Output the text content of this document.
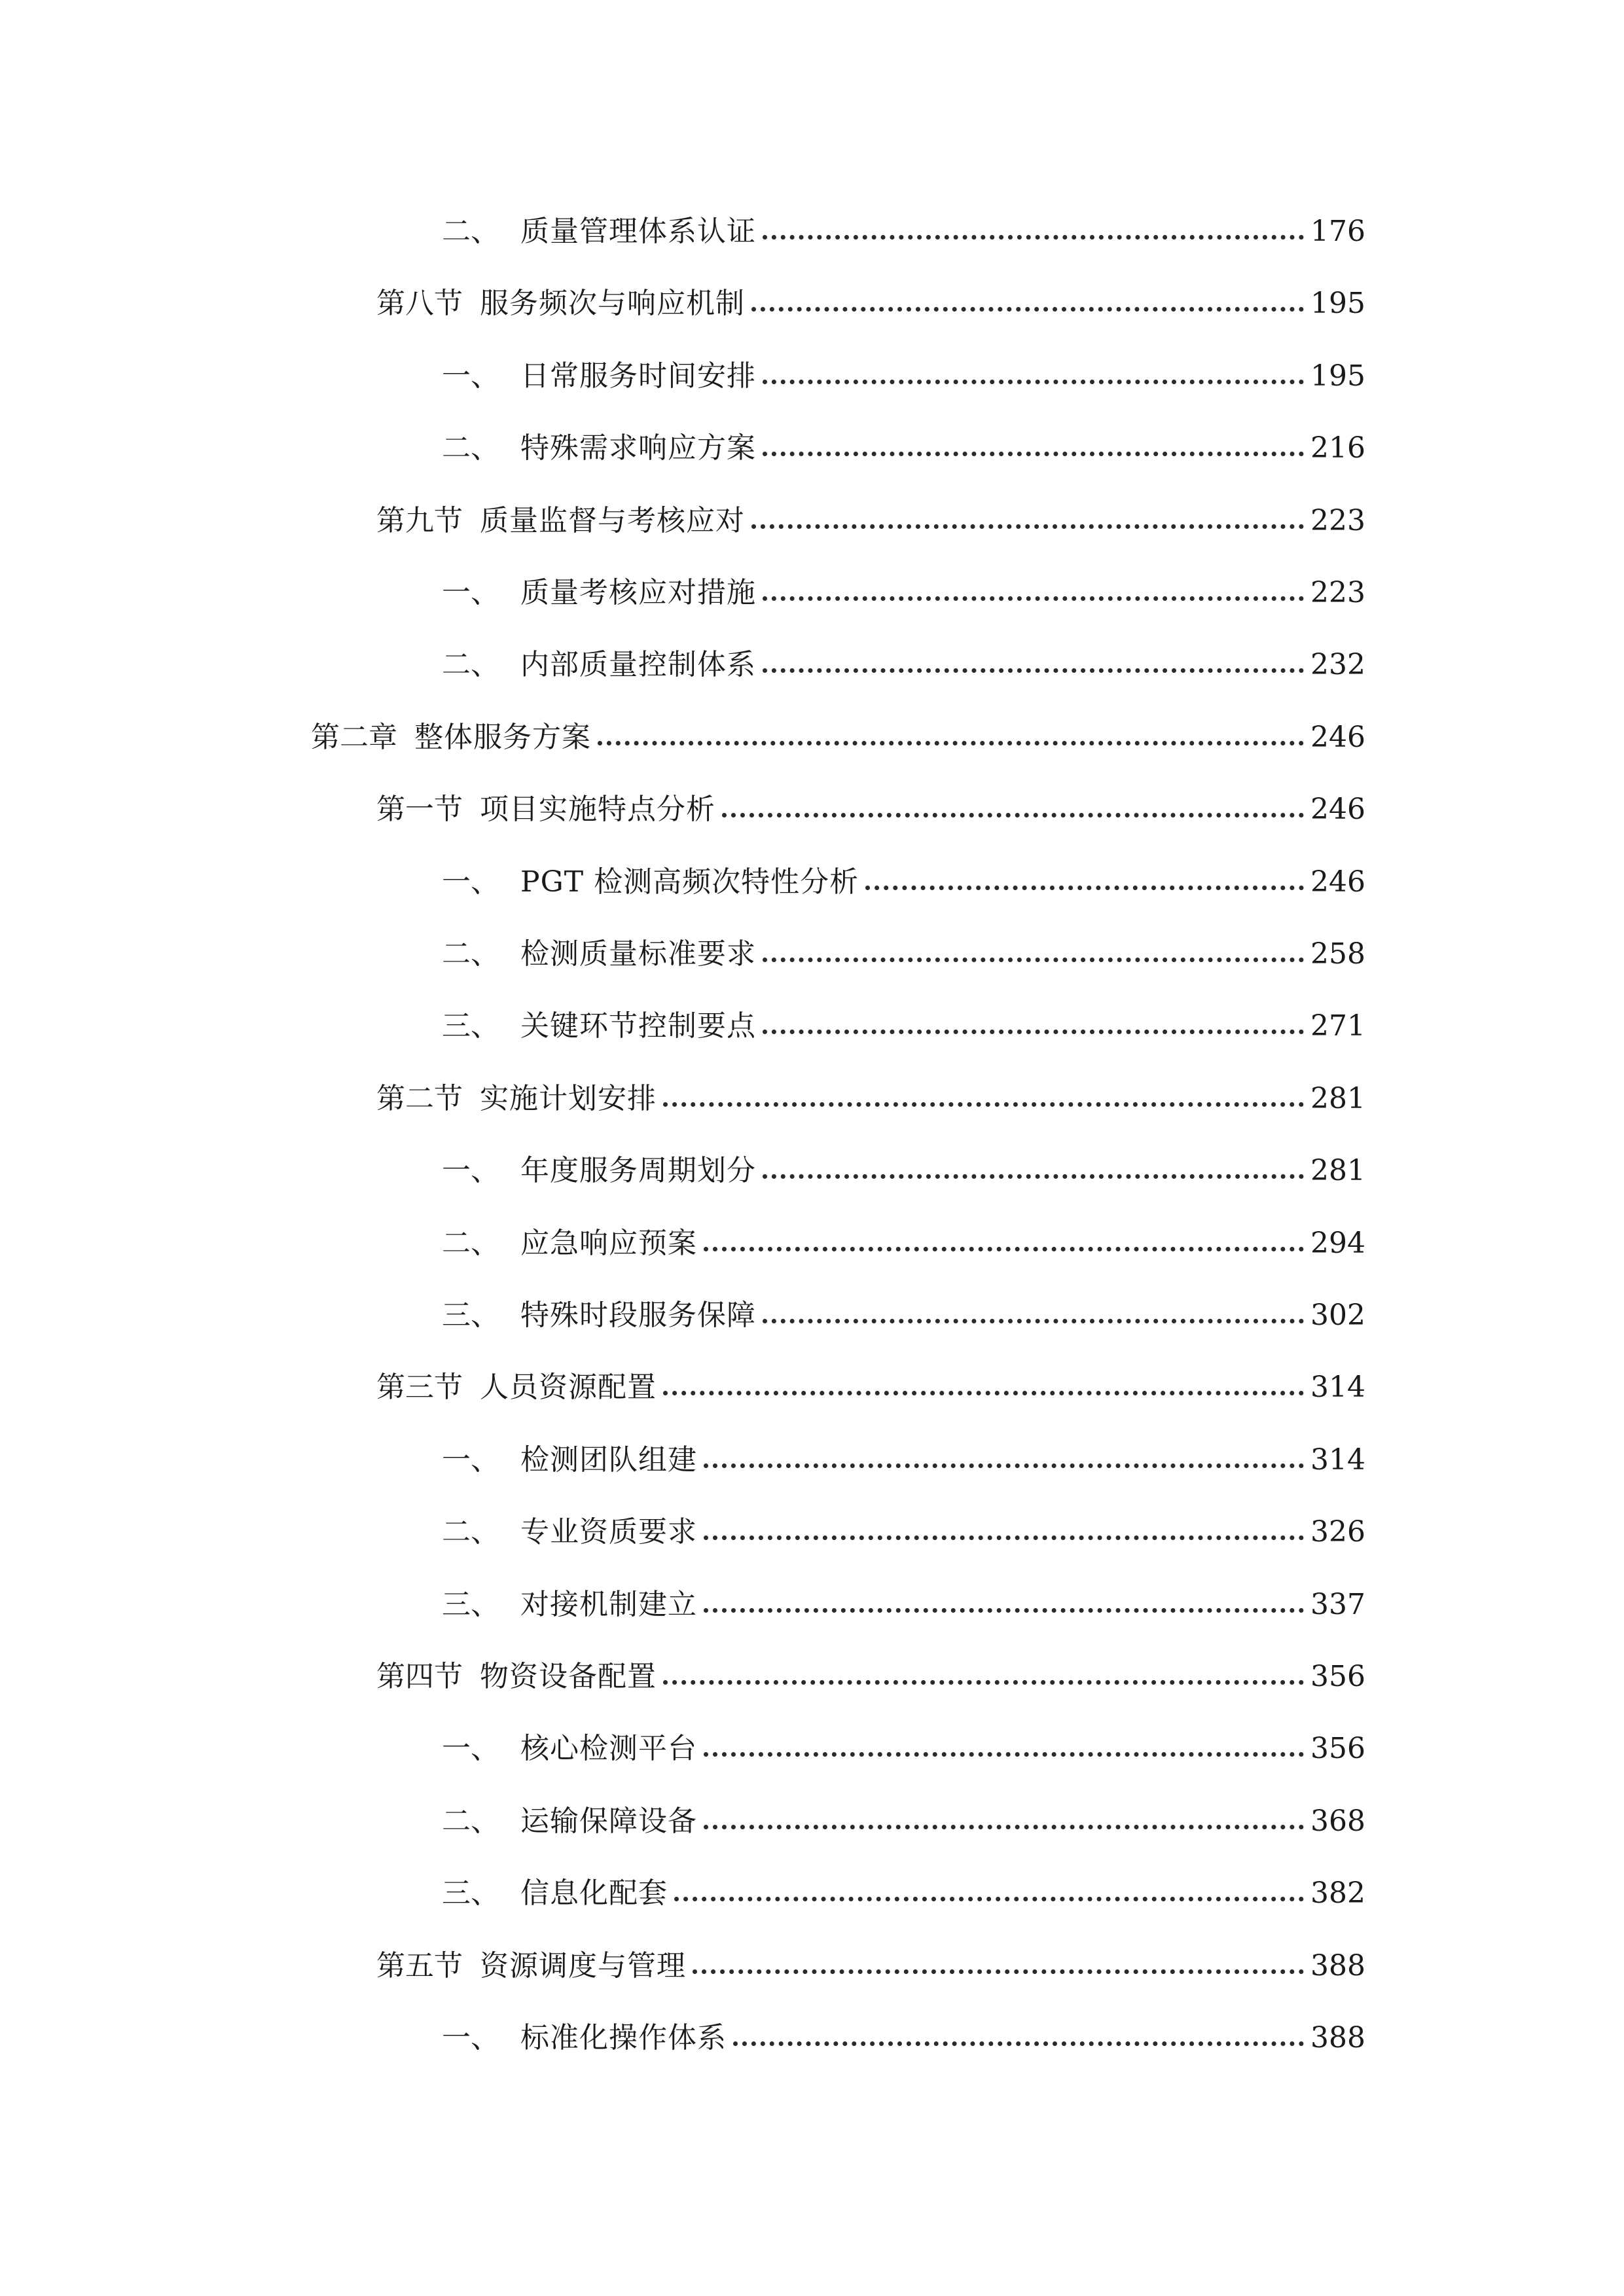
二、 质量管理体系认证	176
第八节 服务频次与响应机制	195
一、 日常服务时间安排	195
二、 特殊需求响应方案	216
第九节 质量监督与考核应对	223
一、 质量考核应对措施	223
二、 内部质量控制体系	232
第二章 整体服务方案	246
第一节 项目实施特点分析	246
一、 PGT 检测高频次特性分析	246
二、 检测质量标准要求	258
三、 关键环节控制要点	271
第二节 实施计划安排	281
一、 年度服务周期划分	281
二、 应急响应预案	294
三、 特殊时段服务保障	302
第三节 人员资源配置	314
一、 检测团队组建	314
二、 专业资质要求	326
三、 对接机制建立	337
第四节 物资设备配置	356
一、 核心检测平台	356
二、 运输保障设备	368
三、 信息化配套	382
第五节 资源调度与管理	388
一、 标准化操作体系	388
